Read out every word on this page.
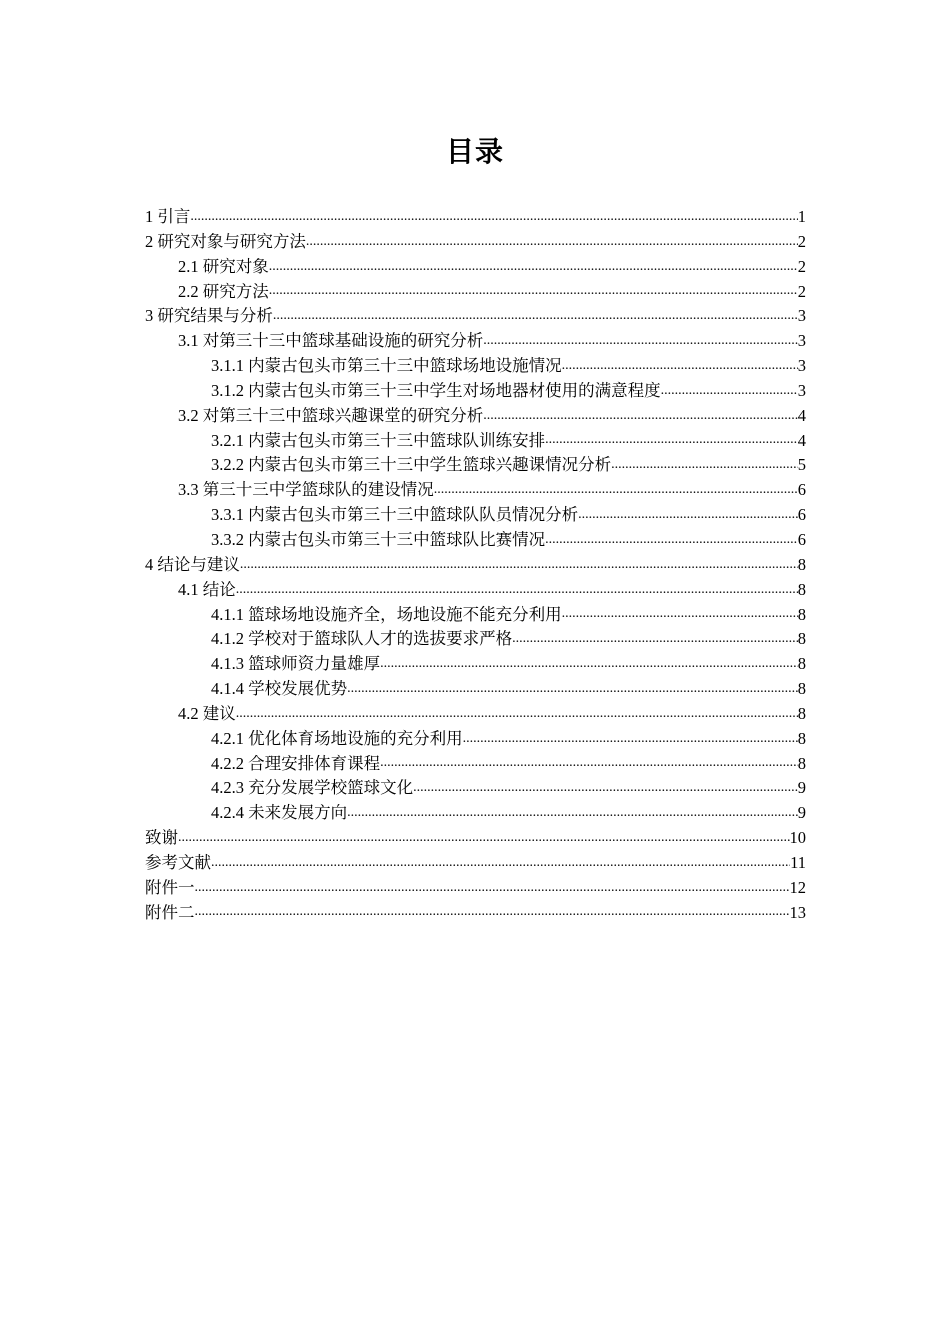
目录
1 引言 .....	1
2 研究对象与研究方法 .....	2
2.1 研究对象 .....	2
2.2 研究方法 .....	2
3 研究结果与分析 .....	3
3.1 对第三十三中篮球基础设施的研究分析 .....	3
3.1.1 内蒙古包头市第三十三中篮球场地设施情况 .....	3
3.1.2 内蒙古包头市第三十三中学生对场地器材使用的满意程度 .....	3
3.2 对第三十三中篮球兴趣课堂的研究分析 .....	4
3.2.1 内蒙古包头市第三十三中篮球队训练安排 .....	4
3.2.2 内蒙古包头市第三十三中学生篮球兴趣课情况分析 .....	5
3.3 第三十三中学篮球队的建设情况 .....	6
3.3.1 内蒙古包头市第三十三中篮球队队员情况分析 .....	6
3.3.2 内蒙古包头市第三十三中篮球队比赛情况 .....	6
4 结论与建议 .....	8
4.1 结论 .....	8
4.1.1 篮球场地设施齐全，场地设施不能充分利用 .....	8
4.1.2 学校对于篮球队人才的选拔要求严格 .....	8
4.1.3 篮球师资力量雄厚 .....	8
4.1.4 学校发展优势 .....	8
4.2 建议 .....	8
4.2.1 优化体育场地设施的充分利用 .....	8
4.2.2 合理安排体育课程 .....	8
4.2.3 充分发展学校篮球文化 .....	9
4.2.4 未来发展方向 .....	9
致谢 .....	10
参考文献 .....	11
附件一 .....	12
附件二 .....	13
